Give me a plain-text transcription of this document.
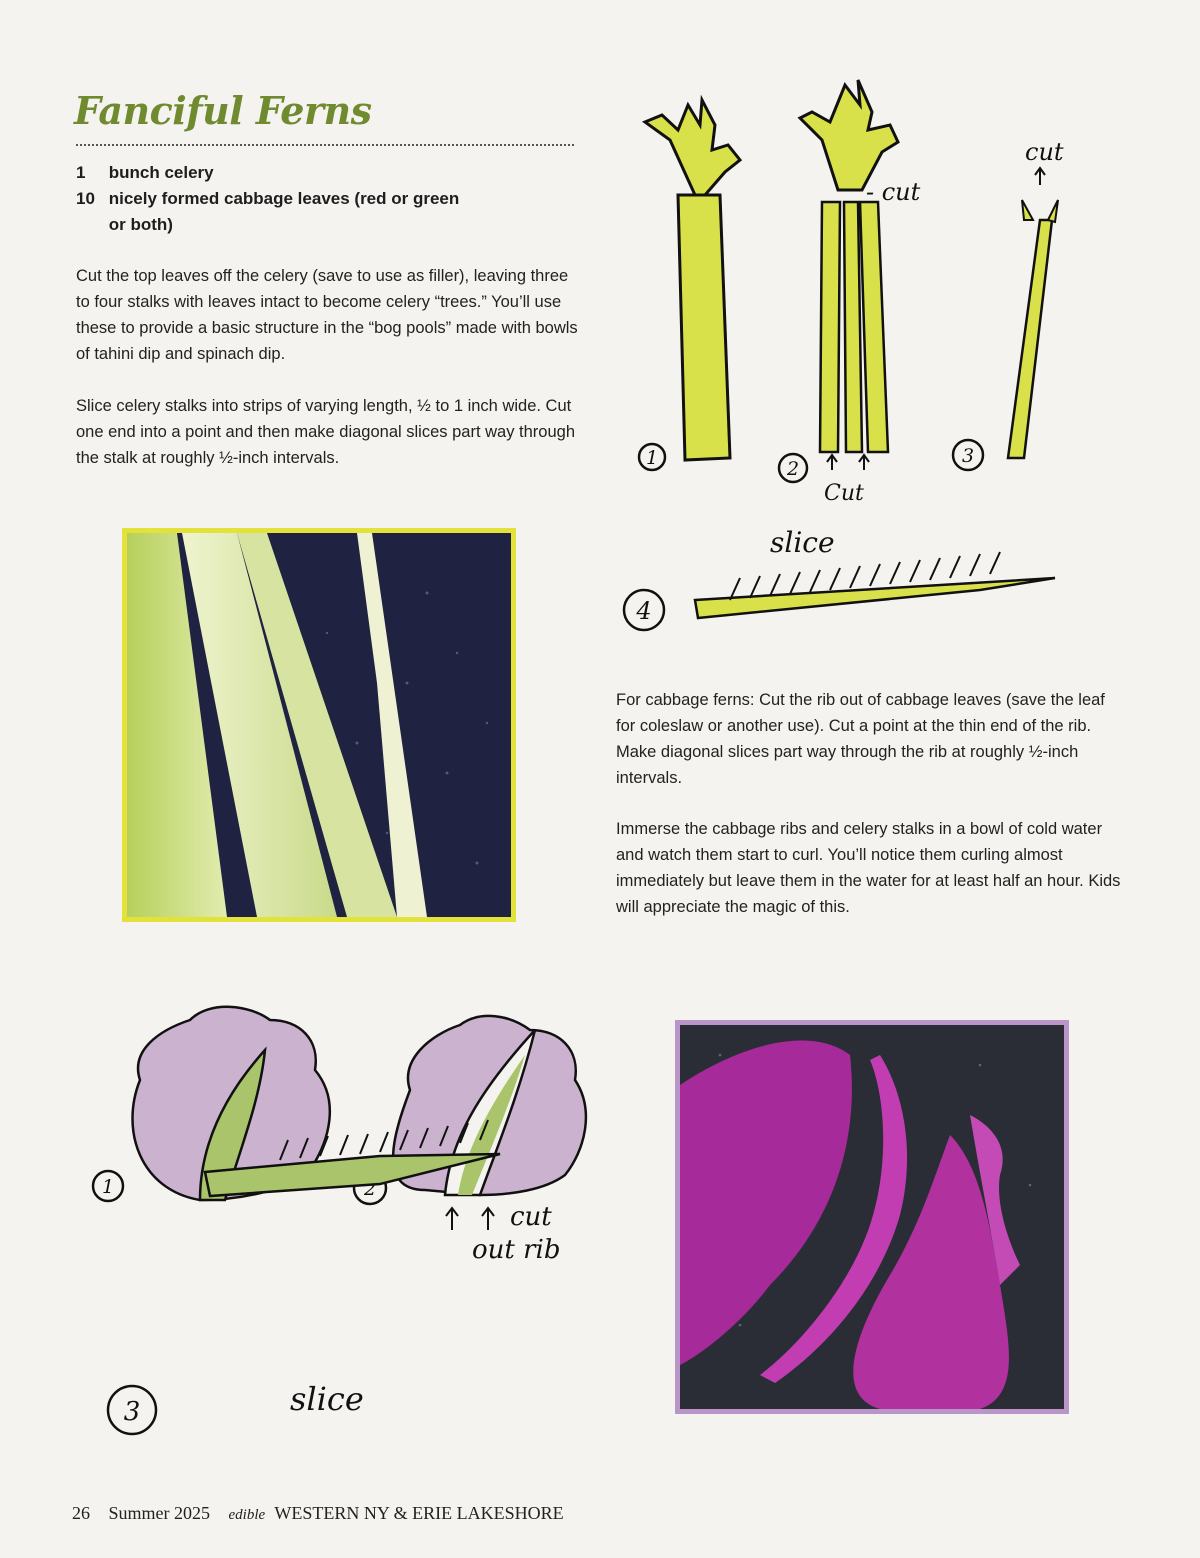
Fanciful Ferns
1 bunch celery
10 nicely formed cabbage leaves (red or green
or both)
Cut the top leaves off the celery (save to use as filler), leaving three to four stalks with leaves intact to become celery “trees.” You’ll use these to provide a basic structure in the “bog pools” made with bowls of tahini dip and spinach dip.
Slice celery stalks into strips of varying length, ½ to 1 inch wide. Cut one end into a point and then make diagonal slices part way through the stalk at roughly ½-inch intervals.
For cabbage ferns: Cut the rib out of cabbage leaves (save the leaf for coleslaw or another use). Cut a point at the thin end of the rib. Make diagonal slices part way through the rib at roughly ½-inch intervals.
Immerse the cabbage ribs and celery stalks in a bowl of cold water and watch them start to curl. You’ll notice them curling almost immediately but leave them in the water for at least half an hour. Kids will appreciate the magic of this.
1
- cut
Cut
2
cut
3
slice
4
1	2
cut
out rib
slice
3
26 Summer 2025 edible WESTERN NY & ERIE LAKESHORE
